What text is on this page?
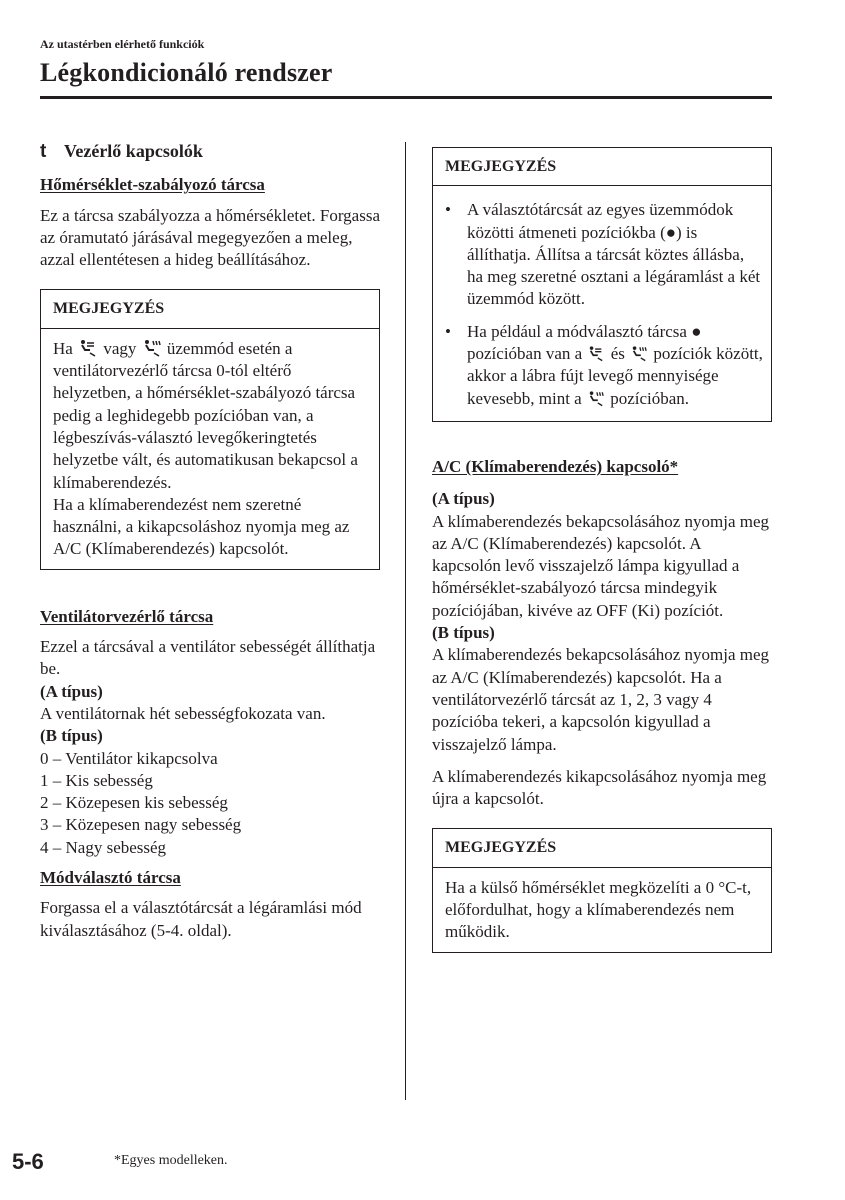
Az utastérben elérhető funkciók
Légkondicionáló rendszer
t Vezérlő kapcsolók
Hőmérséklet-szabályozó tárcsa

Ez a tárcsa szabályozza a hőmérsékletet. Forgassa az óramutató járásával megegyezően a meleg, azzal ellentétesen a hideg beállításához.

MEGJEGYZÉS
Ha vagy üzemmód esetén a ventilátorvezérlő tárcsa 0-tól eltérő helyzetben, a hőmérséklet-szabályozó tárcsa pedig a leghidegebb pozícióban van, a légbeszívás-választó levegőkeringtetés helyzetbe vált, és automatikusan bekapcsol a klímaberendezés.
Ha a klímaberendezést nem szeretné használni, a kikapcsoláshoz nyomja meg az A/C (Klímaberendezés) kapcsolót.
Ventilátorvezérlő tárcsa
Ezzel a tárcsával a ventilátor sebességét állíthatja be.
(A típus)
A ventilátornak hét sebességfokozata van.
(B típus)
0 – Ventilátor kikapcsolva
1 – Kis sebesség
2 – Közepesen kis sebesség
3 – Közepesen nagy sebesség
4 – Nagy sebesség
Módválasztó tárcsa

Forgassa el a választótárcsát a légáramlási mód kiválasztásához (5-4. oldal).

MEGJEGYZÉS
• A választótárcsát az egyes üzemmódok közötti átmeneti pozíciókba (●) is állíthatja. Állítsa a tárcsát köztes állásba, ha meg szeretné osztani a légáramlást a két üzemmód között.
• Ha például a módválasztó tárcsa ● pozícióban van a és pozíciók között, akkor a lábra fújt levegő mennyisége kevesebb, mint a pozícióban.
A/C (Klímaberendezés) kapcsoló*
(A típus)
A klímaberendezés bekapcsolásához nyomja meg az A/C (Klímaberendezés) kapcsolót. A kapcsolón levő visszajelző lámpa kigyullad a hőmérséklet-szabályozó tárcsa mindegyik pozíciójában, kivéve az OFF (Ki) pozíciót.
(B típus)

A klímaberendezés bekapcsolásához nyomja meg az A/C (Klímaberendezés) kapcsolót. Ha a ventilátorvezérlő tárcsát az 1, 2, 3 vagy 4 pozícióba tekeri, a kapcsolón kigyullad a visszajelző lámpa.

A klímaberendezés kikapcsolásához nyomja meg újra a kapcsolót.

MEGJEGYZÉS
Ha a külső hőmérséklet megközelíti a 0 °C-t, előfordulhat, hogy a klímaberendezés nem működik.
5-6	*Egyes modelleken.
